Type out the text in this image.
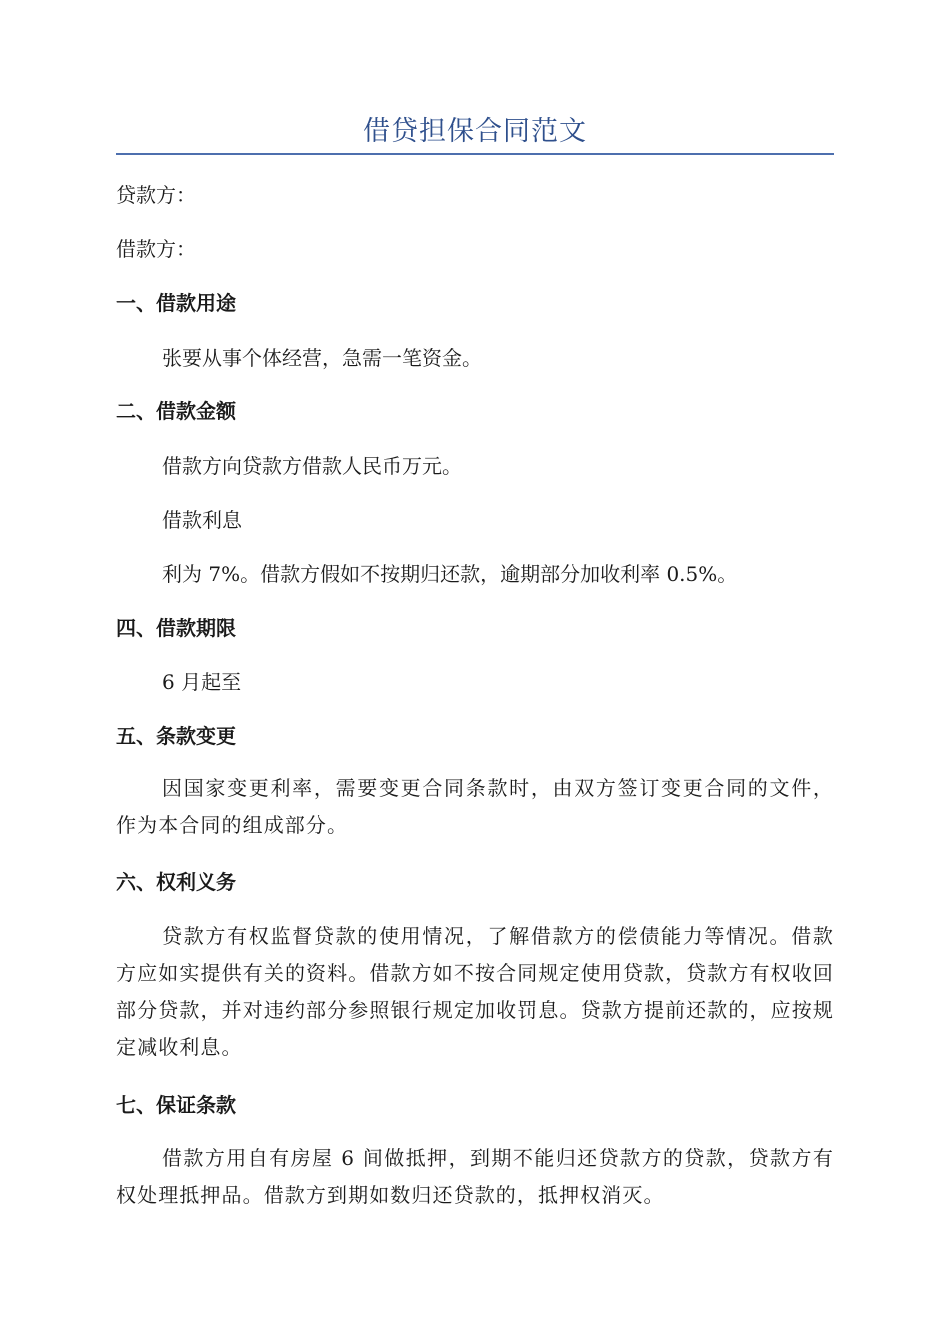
借贷担保合同范文
贷款方：
借款方：
一、借款用途
张要从事个体经营，急需一笔资金。
二、借款金额
借款方向贷款方借款人民币万元。
借款利息
利为 7%。借款方假如不按期归还款，逾期部分加收利率 0.5%。
四、借款期限
6 月起至
五、条款变更
因国家变更利率，需要变更合同条款时，由双方签订变更合同的文件，作为本合同的组成部分。
六、权利义务
贷款方有权监督贷款的使用情况，了解借款方的偿债能力等情况。借款方应如实提供有关的资料。借款方如不按合同规定使用贷款，贷款方有权收回部分贷款，并对违约部分参照银行规定加收罚息。贷款方提前还款的，应按规定减收利息。
七、保证条款
借款方用自有房屋 6 间做抵押，到期不能归还贷款方的贷款，贷款方有权处理抵押品。借款方到期如数归还贷款的，抵押权消灭。
